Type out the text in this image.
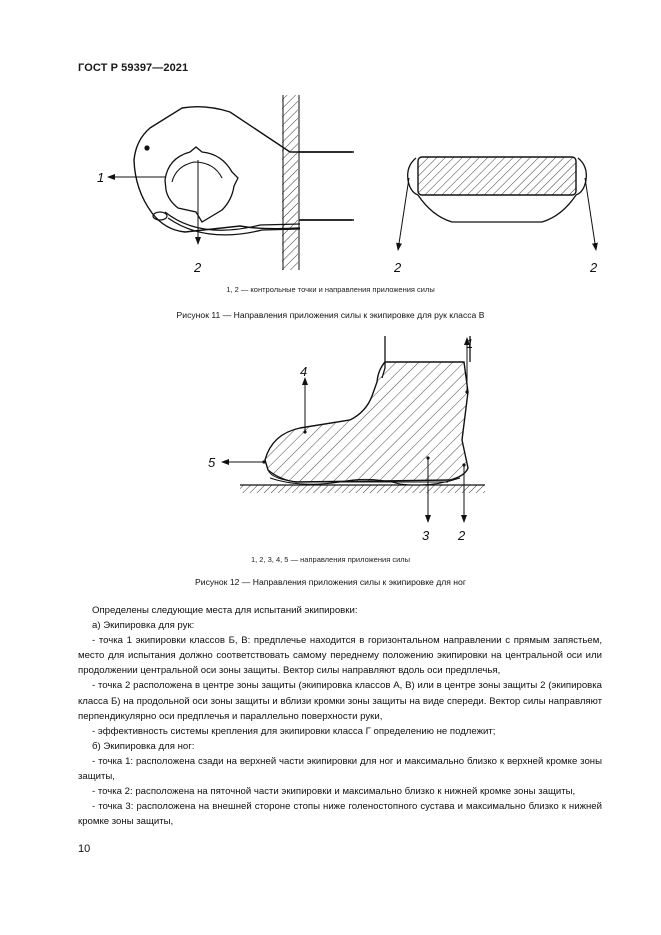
ГОСТ Р 59397—2021
1
2	2	2
1, 2 — контрольные точки и направления приложения силы
Рисунок 11 — Направления приложения силы к экипировке для рук класса В
1
2
3
4
5
1, 2, 3, 4, 5 — направления приложения силы
Рисунок 12 — Направления приложения силы к экипировке для ног

Определены следующие места для испытаний экипировки:

а) Экипировка для рук:

- точка 1 экипировки классов Б, В: предплечье находится в горизонтальном направлении с прямым запястьем, место для испытания должно соответствовать самому переднему положению экипировки на центральной оси или продолжении центральной оси зоны защиты. Вектор силы направляют вдоль оси предплечья,

- точка 2 расположена в центре зоны защиты (экипировка классов А, В) или в центре зоны защиты 2 (экипировка класса Б) на продольной оси зоны защиты и вблизи кромки зоны защиты на виде спереди. Вектор силы направляют перпендикулярно оси предплечья и параллельно поверхности руки,

- эффективность системы крепления для экипировки класса Г определению не подлежит;

б) Экипировка для ног:

- точка 1: расположена сзади на верхней части экипировки для ног и максимально близко к верхней кромке зоны защиты,

- точка 2: расположена на пяточной части экипировки и максимально близко к нижней кромке зоны защиты,

- точка 3: расположена на внешней стороне стопы ниже голеностопного сустава и максимально близко к нижней кромке зоны защиты,

10
